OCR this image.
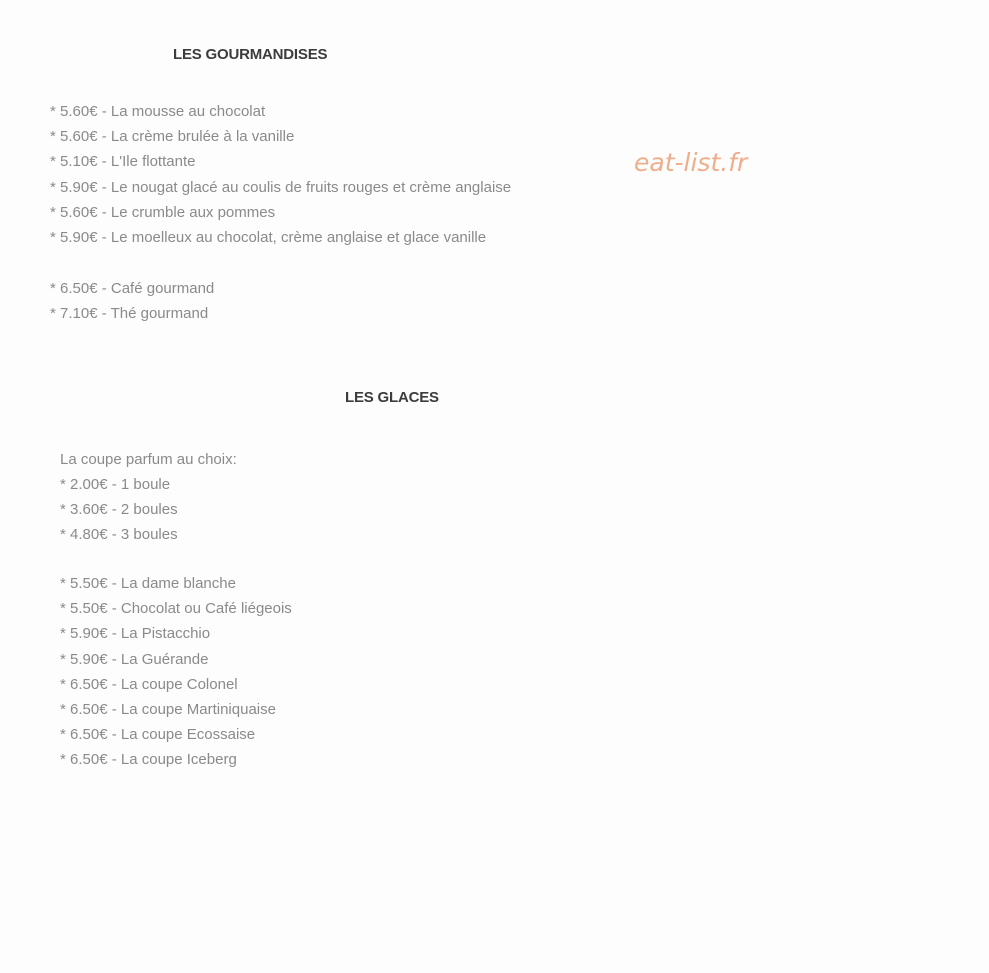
LES GOURMANDISES
* 5.60€ - La mousse au chocolat
* 5.60€ - La crème brulée à la vanille
* 5.10€ - L'Ile flottante
* 5.90€ - Le nougat glacé au coulis de fruits rouges et crème anglaise
* 5.60€ - Le crumble aux pommes
* 5.90€ - Le moelleux au chocolat, crème anglaise et glace vanille
* 6.50€ - Café gourmand
* 7.10€ - Thé gourmand
eat-list.fr
LES GLACES
La coupe parfum au choix:
* 2.00€ - 1 boule
* 3.60€ - 2 boules
* 4.80€ - 3 boules
* 5.50€ - La dame blanche
* 5.50€ - Chocolat ou Café liégeois
* 5.90€ - La Pistacchio
* 5.90€ - La Guérande
* 6.50€ - La coupe Colonel
* 6.50€ - La coupe Martiniquaise
* 6.50€ - La coupe Ecossaise
* 6.50€ - La coupe Iceberg
